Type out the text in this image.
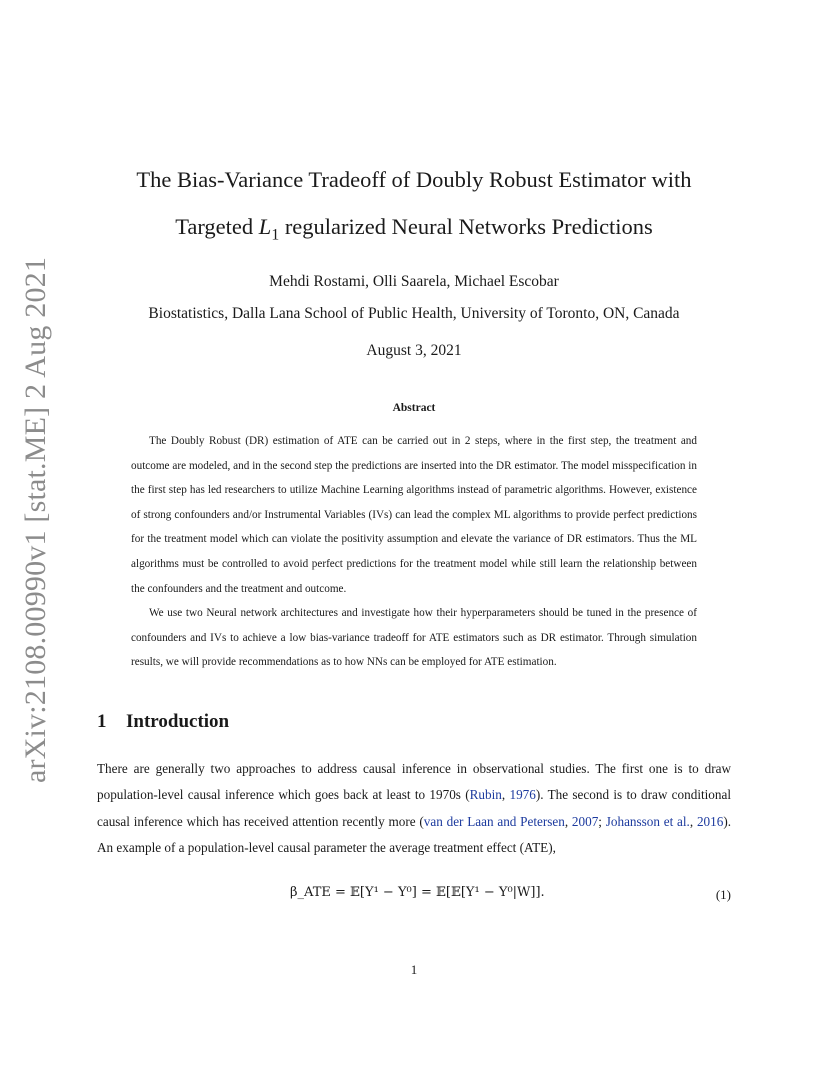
arXiv:2108.00990v1 [stat.ME] 2 Aug 2021
The Bias-Variance Tradeoff of Doubly Robust Estimator with
Targeted $L_1$ regularized Neural Networks Predictions
Mehdi Rostami, Olli Saarela, Michael Escobar
Biostatistics, Dalla Lana School of Public Health, University of Toronto, ON, Canada
August 3, 2021
Abstract

The Doubly Robust (DR) estimation of ATE can be carried out in 2 steps, where in the first step, the treatment and outcome are modeled, and in the second step the predictions are inserted into the DR estimator. The model misspecification in the first step has led researchers to utilize Machine Learning algorithms instead of parametric algorithms. However, existence of strong confounders and/or Instrumental Variables (IVs) can lead the complex ML algorithms to provide perfect predictions for the treatment model which can violate the positivity assumption and elevate the variance of DR estimators. Thus the ML algorithms must be controlled to avoid perfect predictions for the treatment model while still learn the relationship between the confounders and the treatment and outcome.

We use two Neural network architectures and investigate how their hyperparameters should be tuned in the presence of confounders and IVs to achieve a low bias-variance tradeoff for ATE estimators such as DR estimator. Through simulation results, we will provide recommendations as to how NNs can be employed for ATE estimation.

1 Introduction

There are generally two approaches to address causal inference in observational studies. The first one is to draw population-level causal inference which goes back at least to 1970s (Rubin, 1976). The second is to draw conditional causal inference which has received attention recently more (van der Laan and Petersen, 2007; Johansson et al., 2016). An example of a population-level causal parameter the average treatment effect (ATE),

β_ATE = 𝔼[Y¹ − Y⁰] = 𝔼[𝔼[Y¹ − Y⁰|W]].	(1)
1
